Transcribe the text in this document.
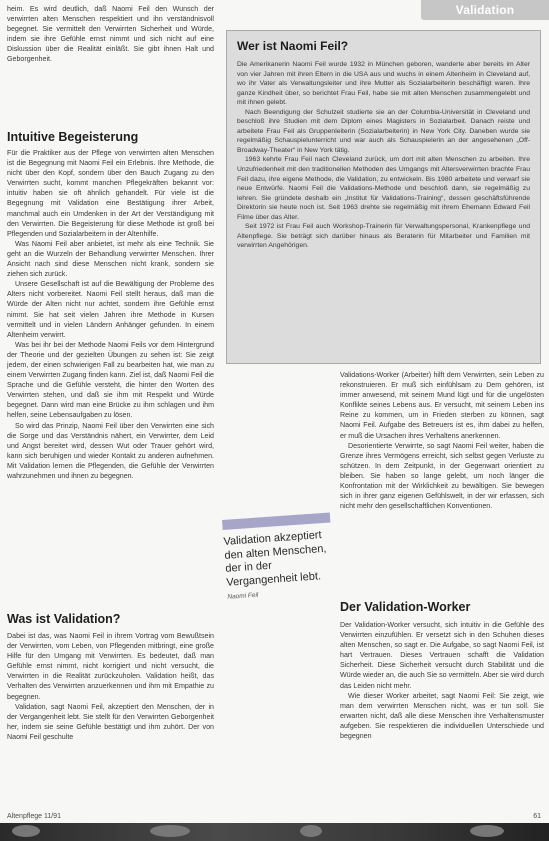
Validation

heim. Es wird deutlich, daß Naomi Feil den Wunsch der verwirrten alten Menschen respektiert und ihn verständnisvoll begegnet. Sie vermittelt den Verwirrten Sicherheit und Würde, indem sie ihre Gefühle ernst nimmt und sich nicht auf eine Diskussion über die Realität einläßt. Sie gibt ihnen Halt und Geborgenheit.

Intuitive Begeisterung

Für die Praktiker aus der Pflege von verwirrten alten Menschen ist die Begegnung mit Naomi Feil ein Erlebnis. Ihre Methode, die nicht über den Kopf, sondern über den Bauch Zugang zu den Verwirrten sucht, kommt manchen Pflegekräften bekannt vor: intuitiv haben sie oft ähnlich gehandelt. Für viele ist die Begegnung mit Validation eine Bestätigung ihrer Arbeit, manchmal auch ein Umdenken in der Art der Verständigung mit den Verwirrten. Die Begeisterung für diese Methode ist groß bei Pflegenden und Sozialarbeitern in der Altenhilfe.

Was Naomi Feil aber anbietet, ist mehr als eine Technik. Sie geht an die Wurzeln der Behandlung verwirrter Menschen. Ihrer Ansicht nach sind diese Menschen nicht krank, sondern sie ziehen sich zurück.

Unsere Gesellschaft ist auf die Bewältigung der Probleme des Alters nicht vorbereitet. Naomi Feil stellt heraus, daß man die Würde der Alten nicht nur achtet, sondern ihre Gefühle ernst nimmt. Sie hat seit vielen Jahren ihre Methode in Kursen vermittelt und in vielen Ländern Anhänger gefunden. In einem Altenheim verwirrt.

Was bei ihr bei der Methode Naomi Feils vor dem Hintergrund der Theorie und der gezielten Übungen zu sehen ist: Sie zeigt jedem, der einen schwierigen Fall zu bearbeiten hat, wie man zu einem Verwirrten Zugang finden kann. Ziel ist, daß Naomi Feil die Sprache und die Gefühle versteht, die hinter den Worten des Verwirrten stehen, und daß sie ihm mit Respekt und Würde begegnet. Dann wird man eine Brücke zu ihm schlagen und ihm helfen, seine Lebensaufgaben zu lösen.

So wird das Prinzip, Naomi Feil über den Verwirrten eine sich die Sorge und das Verständnis nähert, ein Verwirrter, dem Leid und Angst bereitet wird, dessen Wut oder Trauer gehört wird, kann sich beruhigen und wieder Kontakt zu anderen aufnehmen. Mit Validation lernen die Pflegenden, die Gefühle der Verwirrten wahrzunehmen und ihnen zu begegnen.

Was ist Validation?

Dabei ist das, was Naomi Feil in ihrem Vortrag vom Bewußtsein der Verwirrten, vom Leben, von Pflegenden mitbringt, eine große Hilfe für den Umgang mit Verwirrten. Es bedeutet, daß man Gefühle ernst nimmt, nicht korrigiert und nicht versucht, die Verwirrten in die Realität zurückzuholen. Validation heißt, das Verhalten des Verwirrten anzuerkennen und ihm mit Empathie zu begegnen.

Validation, sagt Naomi Feil, akzeptiert den Menschen, der in der Vergangenheit lebt. Sie stellt für den Verwirrten Geborgenheit her, indem sie seine Gefühle bestätigt und ihm zuhört. Der von Naomi Feil geschulte

Wer ist Naomi Feil?

Die Amerikanerin Naomi Feil wurde 1932 in München geboren, wanderte aber bereits im Alter von vier Jahren mit ihren Eltern in die USA aus und wuchs in einem Altenheim in Cleveland auf, wo ihr Vater als Verwaltungsleiter und ihre Mutter als Sozialarbeiterin beschäftigt waren. Ihre ganze Kindheit über, so berichtet Frau Feil, habe sie mit alten Menschen zusammengelebt und mit ihnen gelebt.

Nach Beendigung der Schulzeit studierte sie an der Columbia-Universität in Cleveland und beschloß ihre Studien mit dem Diplom eines Magisters in Sozialarbeit. Danach reiste und arbeitete Frau Feil als Gruppenleiterin (Sozialarbeiterin) in New York City. Daneben wurde sie regelmäßig Schauspielunterricht und war auch als Schauspielerin an der angesehenen „Off-Broadway-Theater“ in New York tätig.

1963 kehrte Frau Feil nach Cleveland zurück, um dort mit alten Menschen zu arbeiten. Ihre Unzufriedenheit mit den traditionellen Methoden des Umgangs mit Altersverwirrten brachte Frau Feil dazu, ihre eigene Methode, die Validation, zu entwickeln. Bis 1980 arbeitete und verwarf sie neue Entwürfe. Naomi Feil die Validations-Methode und beschloß dann, sie regelmäßig zu lehren. Sie gründete deshalb ein „Institut für Validations-Training“, dessen geschäftsführende Direktorin sie heute noch ist. Seit 1963 drehte sie regelmäßig mit ihrem Ehemann Edward Feil Filme über das Alter.

Seit 1972 ist Frau Feil auch Workshop-Trainerin für Verwaltungspersonal, Krankenpflege und Altenpflege. Sie beträgt sich darüber hinaus als Beraterin für Mitarbeiter und Familien mit verwirrten Angehörigen.

Validations-Worker (Arbeiter) hilft dem Verwirrten, sein Leben zu rekonstruieren. Er muß sich einfühlsam zu Dem gehören, ist immer anwesend, mit seinem Mund lügt und für die ungelösten Konflikte seines Lebens aus. Er versucht, mit seinem Leben ins Reine zu kommen, um in Frieden sterben zu können, sagt Naomi Feil. Aufgabe des Betreuers ist es, ihm dabei zu helfen, er muß die Ursachen ihres Verhaltens anerkennen.

Desorientierte Verwirrte, so sagt Naomi Feil weiter, haben die Grenze ihres Vermögens erreicht, sich selbst gegen Verluste zu schützen. In dem Zeitpunkt, in der Gegenwart orientiert zu bleiben. Sie haben so lange gelebt, um noch länger die Konfrontation mit der Wirklichkeit zu bewältigen. Sie bewegen sich in ihrer ganz eigenen Gefühlswelt, in der wir erfassen, sich nicht mehr den gesellschaftlichen Konventionen.

Validation akzeptiert den alten Menschen, der in der Vergangenheit lebt.
Naomi Feil
Der Validation-Worker

Der Validation-Worker versucht, sich intuitiv in die Gefühle des Verwirrten einzufühlen. Er versetzt sich in den Schuhen dieses alten Menschen, so sagt er. Die Aufgabe, so sagt Naomi Feil, ist hart Vertrauen. Dieses Vertrauen schafft die Validation Sicherheit. Diese Sicherheit versucht durch Stabilität und die Würde wieder an, die auch Sie so vermitteln. Aber sie wird durch das Leiden nicht mehr.

Wie dieser Worker arbeitet, sagt Naomi Feil: Sie zeigt, wie man dem verwirrten Menschen nicht, was er tun soll. Sie erwarten nicht, daß alle diese Menschen ihre Verhaltensmuster aufgeben. Sie respektieren die individuellen Unterschiede und begegnen

Altenpflege 11/91	61
